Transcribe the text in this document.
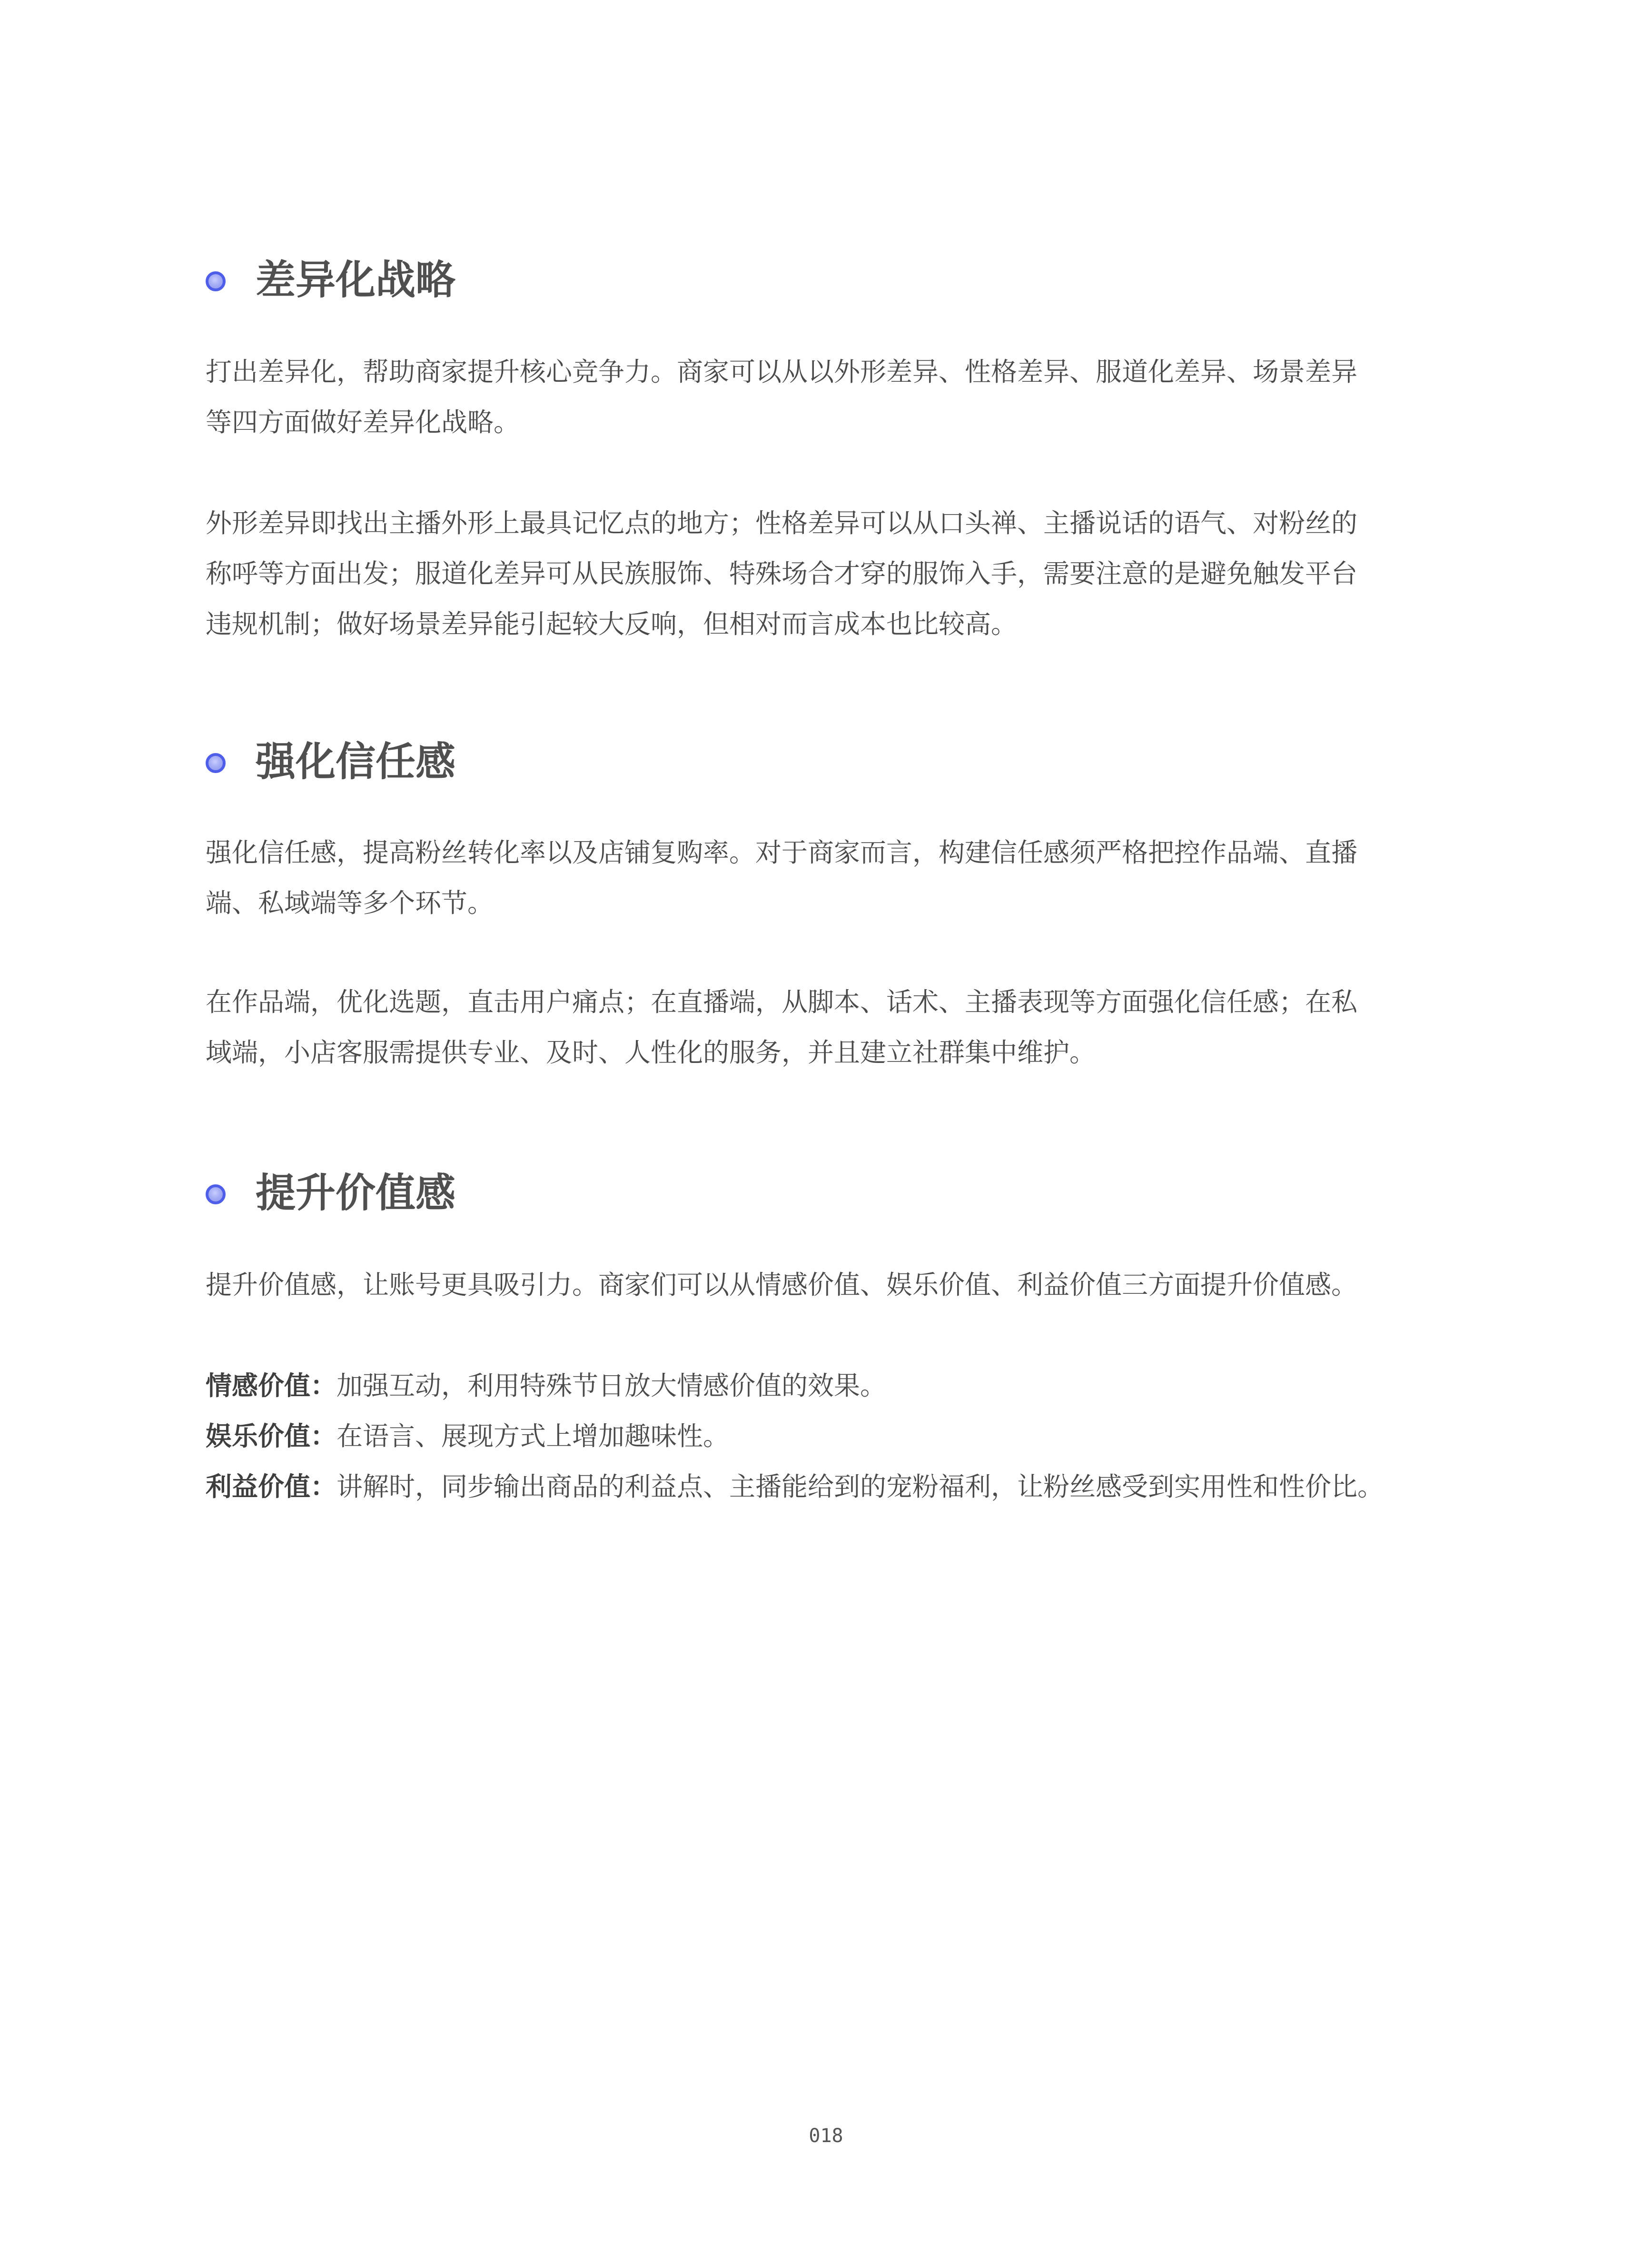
差异化战略
打出差异化，帮助商家提升核心竞争力。商家可以从以外形差异、性格差异、服道化差异、场景差异
等四方面做好差异化战略。
外形差异即找出主播外形上最具记忆点的地方；性格差异可以从口头禅、主播说话的语气、对粉丝的
称呼等方面出发；服道化差异可从民族服饰、特殊场合才穿的服饰入手，需要注意的是避免触发平台
违规机制；做好场景差异能引起较大反响，但相对而言成本也比较高。
强化信任感
强化信任感，提高粉丝转化率以及店铺复购率。对于商家而言，构建信任感须严格把控作品端、直播
端、私域端等多个环节。
在作品端，优化选题，直击用户痛点；在直播端，从脚本、话术、主播表现等方面强化信任感；在私
域端，小店客服需提供专业、及时、人性化的服务，并且建立社群集中维护。
提升价值感
提升价值感，让账号更具吸引力。商家们可以从情感价值、娱乐价值、利益价值三方面提升价值感。
情感价值：加强互动，利用特殊节日放大情感价值的效果。
娱乐价值：在语言、展现方式上增加趣味性。
利益价值：讲解时，同步输出商品的利益点、主播能给到的宠粉福利，让粉丝感受到实用性和性价比。
018
